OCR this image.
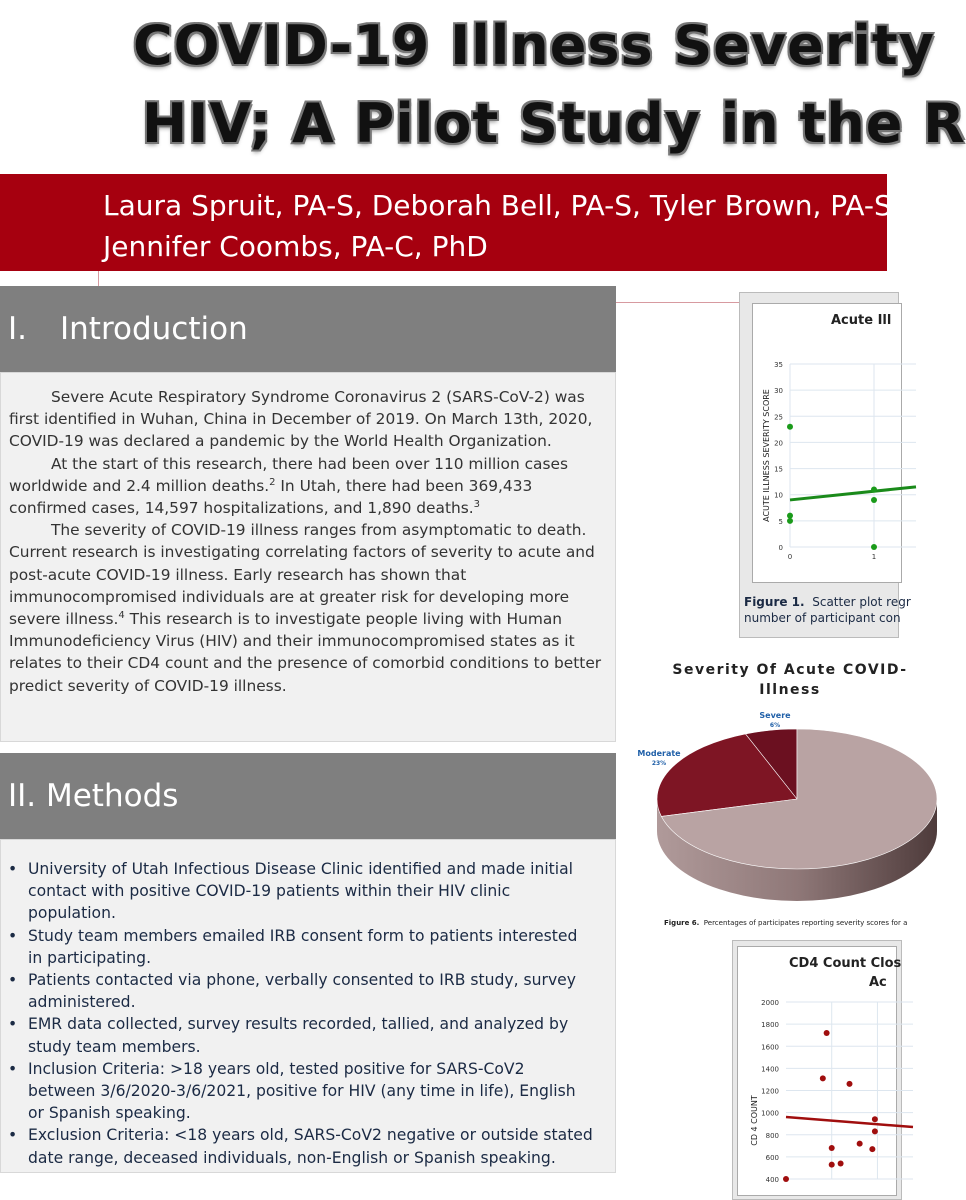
COVID-19 Illness Severity
HIV; A Pilot Study in the R
Laura Spruit, PA-S, Deborah Bell, PA-S, Tyler Brown, PA-S, H
Jennifer Coombs, PA-C, PhD
I.	Introduction

Severe Acute Respiratory Syndrome Coronavirus 2 (SARS-CoV-2) was first identified in Wuhan, China in December of 2019. On March 13th, 2020, COVID-19 was declared a pandemic by the World Health Organization.

At the start of this research, there had been over 110 million cases worldwide and 2.4 million deaths.$^2$ In Utah, there had been 369,433 confirmed cases, 14,597 hospitalizations, and 1,890 deaths.$^3$

The severity of COVID-19 illness ranges from asymptomatic to death. Current research is investigating correlating factors of severity to acute and post-acute COVID-19 illness. Early research has shown that immunocompromised individuals are at greater risk for developing more severe illness.$^4$ This research is to investigate people living with Human Immunodeficiency Virus (HIV) and their immunocompromised states as it relates to their CD4 count and the presence of comorbid conditions to better predict severity of COVID-19 illness.

II. Methods
• University of Utah Infectious Disease Clinic identified and made initial contact with positive COVID-19 patients within their HIV clinic population.
• Study team members emailed IRB consent form to patients interested in participating.
• Patients contacted via phone, verbally consented to IRB study, survey administered.
• EMR data collected, survey results recorded, tallied, and analyzed by study team members.
• Inclusion Criteria: >18 years old, tested positive for SARS-CoV2 between 3/6/2020-3/6/2021, positive for HIV (any time in life), English or Spanish speaking.
• Exclusion Criteria: <18 years old, SARS-CoV2 negative or outside stated date range, deceased individuals, non-English or Spanish speaking.
Acute Ill
0
5
10
15
20
25
30
35
0	1
ACUTE ILLNESS SEVERITY SCORE
Figure 1. Scatter plot regr
number of participant con
Severity Of Acute COVID-
Illness
Severe
6%
Moderate
23%
Figure 6. Percentages of participates reporting severity scores for a
CD4 Count Clos
Ac
400
600
800
1000
1200
1400
1600
1800
2000
CD 4 COUNT
